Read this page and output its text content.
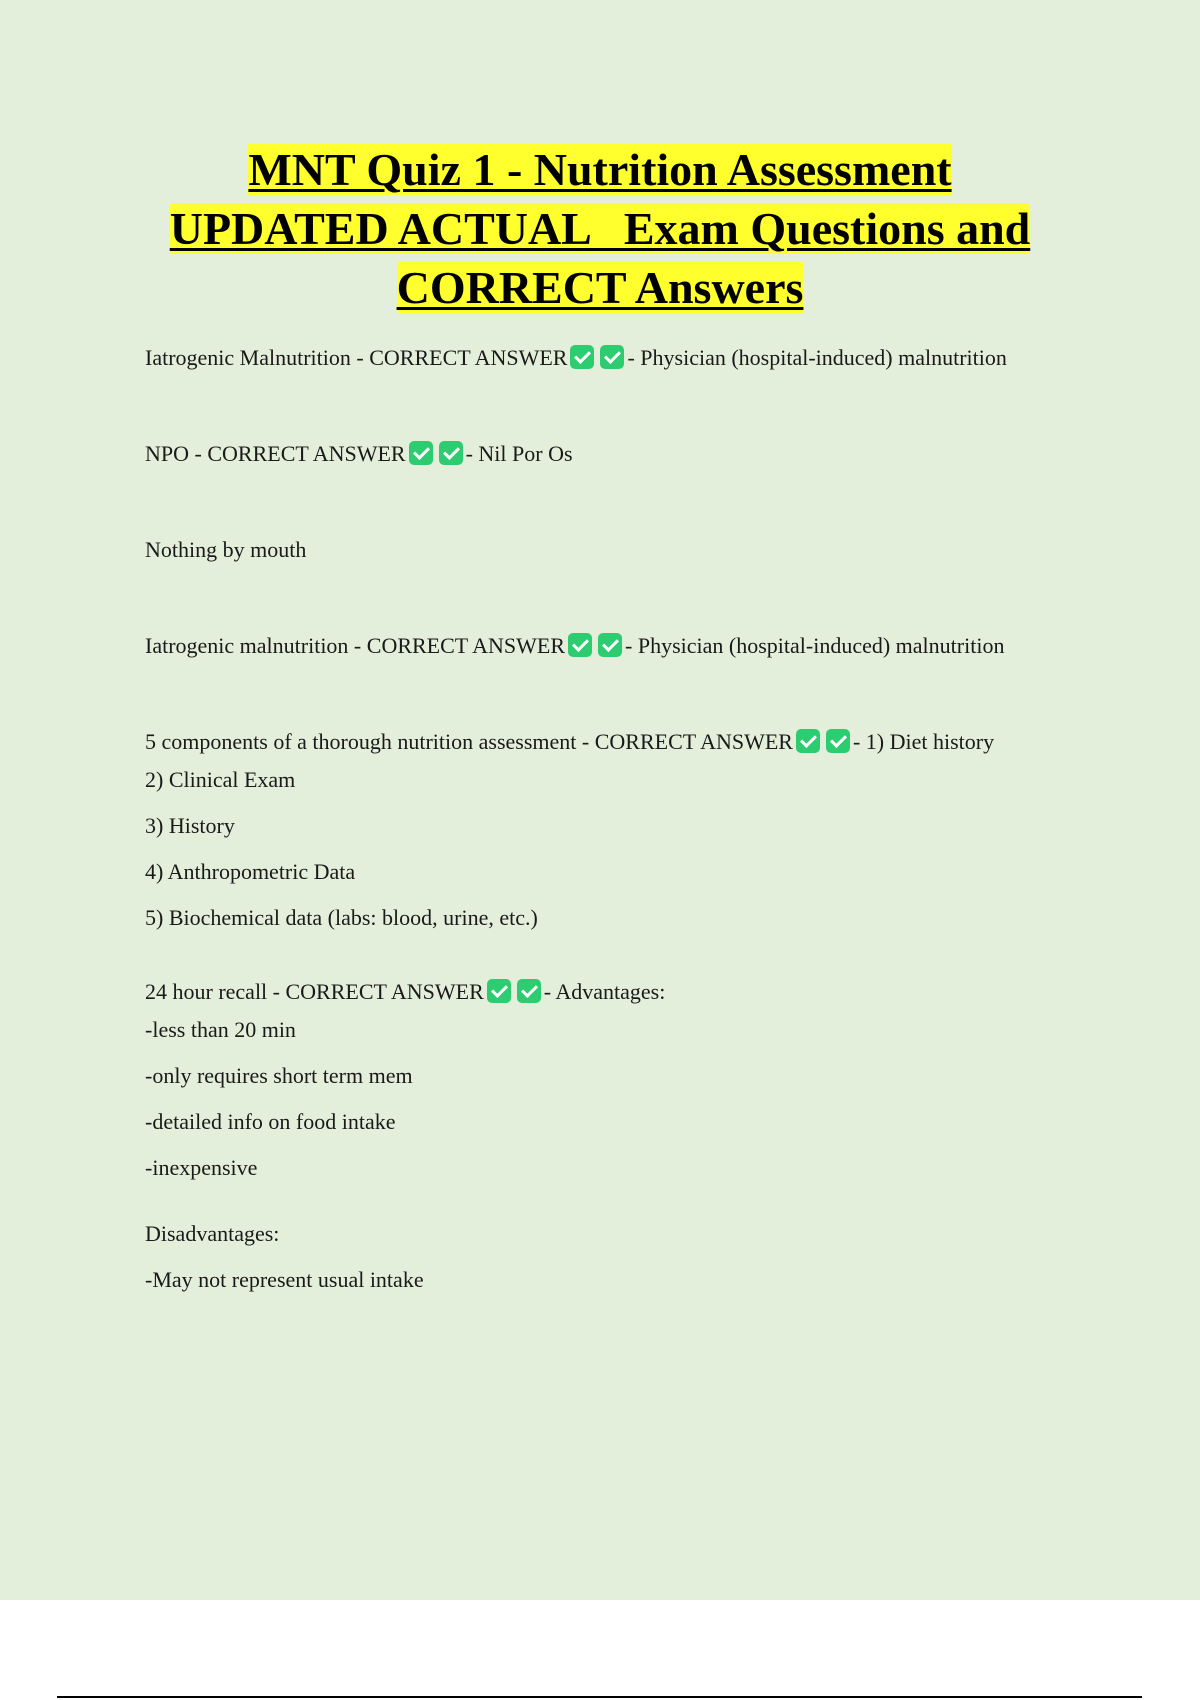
MNT Quiz 1 - Nutrition Assessment
UPDATED ACTUAL   Exam Questions and
CORRECT Answers

Iatrogenic Malnutrition - CORRECT ANSWER	- Physician (hospital-induced) malnutrition

NPO - CORRECT ANSWER	- Nil Por Os

Nothing by mouth

Iatrogenic malnutrition - CORRECT ANSWER	- Physician (hospital-induced) malnutrition

5 components of a thorough nutrition assessment - CORRECT ANSWER	- 1) Diet history

2) Clinical Exam

3) History

4) Anthropometric Data

5) Biochemical data (labs: blood, urine, etc.)

24 hour recall - CORRECT ANSWER	- Advantages:

-less than 20 min

-only requires short term mem

-detailed info on food intake

-inexpensive

Disadvantages:

-May not represent usual intake
